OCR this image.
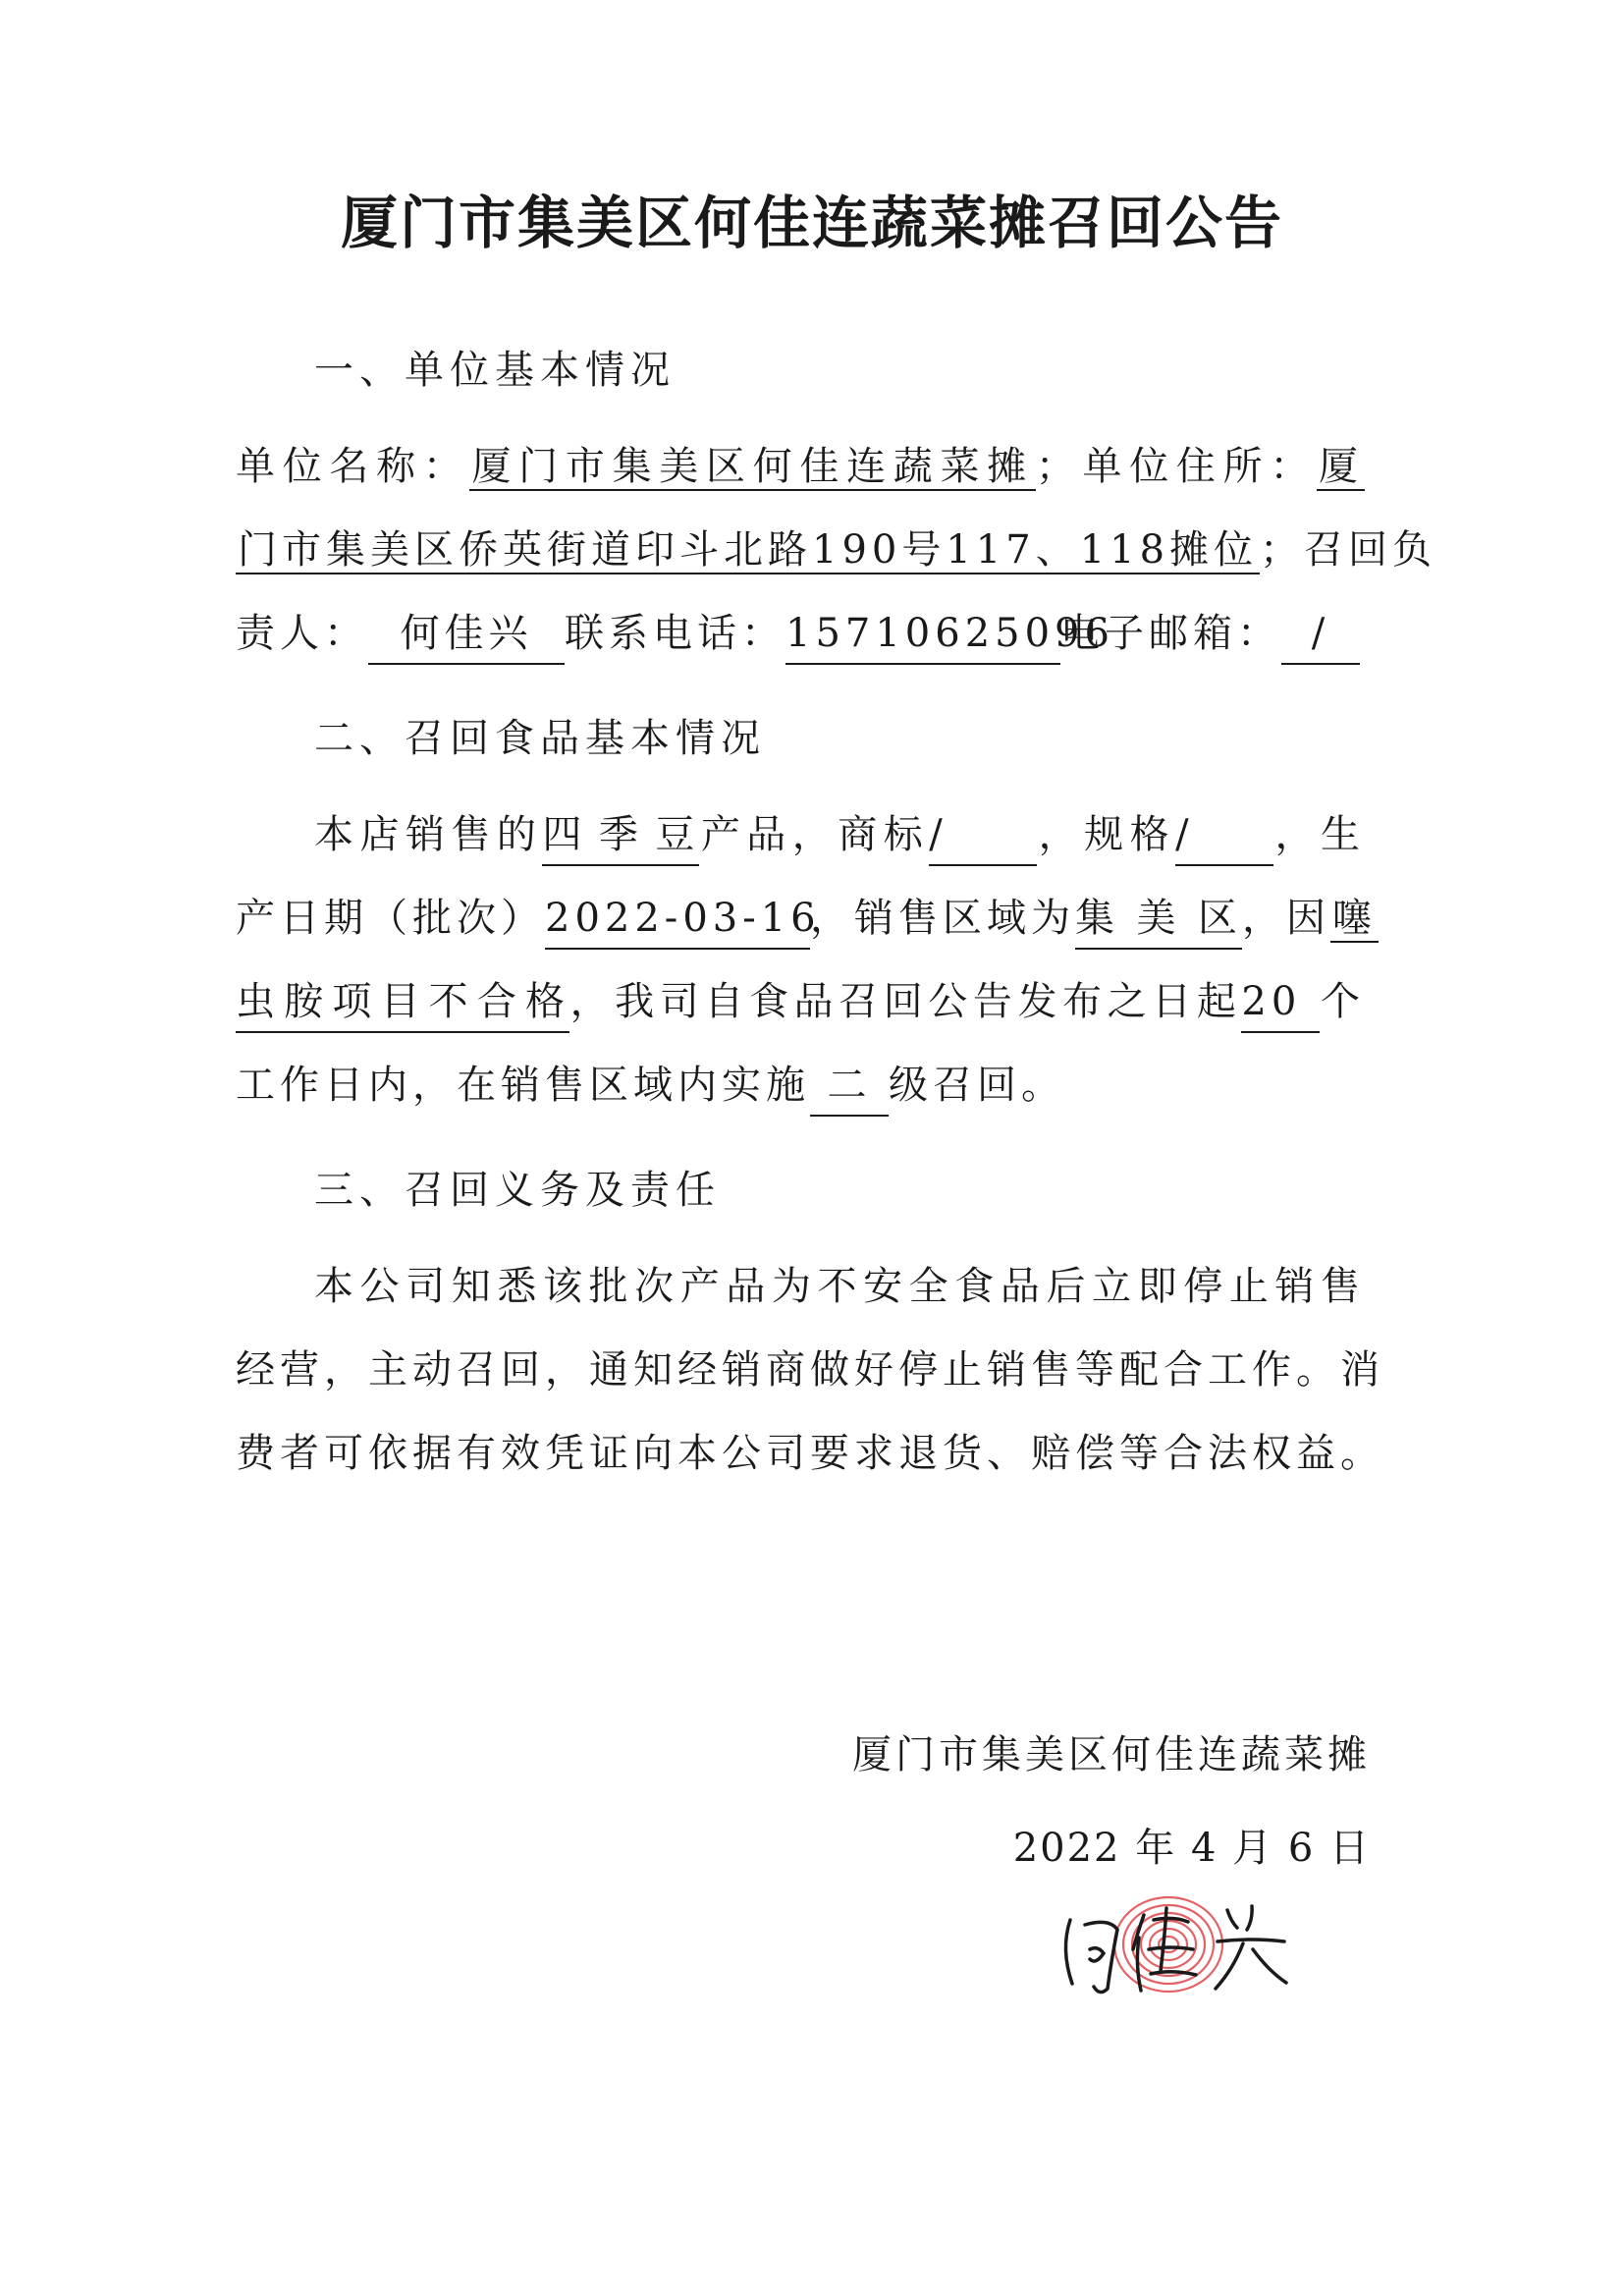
厦门市集美区何佳连蔬菜摊召回公告

一、单位基本情况

单位名称：厦门市集美区何佳连蔬菜摊；单位住所：厦
门市集美区侨英街道印斗北路190号117、118摊位；召回负
责人： 何佳兴 联系电话：15710625096电子邮箱： /

二、召回食品基本情况

本店销售的四季豆产品，商标/ ，规格/ ，生
产日期（批次）2022-03-16，销售区域为集美区，因噻
虫胺项目不合格，我司自食品召回公告发布之日起20 个
工作日内，在销售区域内实施 二 级召回。

三、召回义务及责任

本公司知悉该批次产品为不安全食品后立即停止销售
经营，主动召回，通知经销商做好停止销售等配合工作。消
费者可依据有效凭证向本公司要求退货、赔偿等合法权益。
厦门市集美区何佳连蔬菜摊
2022 年 4 月 6 日
